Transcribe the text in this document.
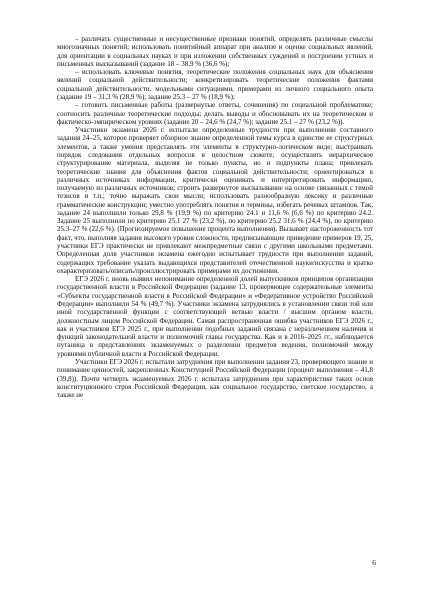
– различать существенные и несущественные признаки понятий, определять различные смыслы многозначных понятий; использовать понятийный аппарат при анализе и оценке социальных явлений, для ориентации в социальных науках и при изложении собственных суждений и построении устных и письменных высказываний (задание 18 – 38,9 % (36,6 %);

– использовать ключевые понятия, теоретические положения социальных наук для объяснения явлений социальной действительности; конкретизировать теоретические положения фактами социальной действительности, модельными ситуациями, примерами из личного социального опыта (задание 19 – 31,3 % (28,9 %); задание 25.3 – 27 % (18,9 %);

– готовить письменные работы (развернутые ответы, сочинения) по социальной проблематике; соотносить различные теоретические подходы; делать выводы и обосновывать их на теоретическом и фактическо-эмпирическом уровнях (задание 20 – 24,6 % (24,7 %); задание 25.1 – 27 % (23,2 %)).

Участники экзамена 2026 г. испытали определенные трудности при выполнении составного задания 24–25, которое проверяет обзорное знание определенной темы курса в единстве ее структурных элементов, а также умения представлять эти элементы в структурно-логическом виде; выстраивать порядок следования отдельных вопросов в целостном сюжете; осуществлять иерархическое структурирование материала, выделяя не только пункты, но и подпункты плана; привлекать теоретические знания для объяснения фактов социальной действительности; ориентироваться в различных источниках информации, критически оценивать и интерпретировать информацию, получаемую из различных источников; строить развернутое высказывание на основе связанных с темой тезисов и т.п.; точно выражать свои мысли; использовать разнообразную лексику и различные грамматические конструкции; уместно употреблять понятия и термины, избегать речевых штампов. Так, задание 24 выполнили только 29,8 % (19,9 %) по критерию 24.1 и 11,6 % (6,6 %) по критерию 24.2. Задание 25 выполнили по критерию 25.1 27 % (23,2 %), по критерию 25.2 31,6 % (24,4 %), по критерию 25.3–27 % (22,6 %). (Прогнозируемое повышение процента выполнения). Вызывает настороженность тот факт, что, выполняя задания высокого уровня сложности, предписывающие приведение примеров 19, 25, участники ЕГЭ практически не привлекают межпредметные связи с другими школьными предметами. Определенная доля участников экзамена ежегодно испытывает трудности при выполнении заданий, содержащих требование указать выдающихся представителей отечественной науки/искусства и кратко охарактеризовать/описать/проиллюстрировать примерами их достижения.

ЕГЭ 2026 г. вновь выявил непонимание определенной долей выпускников принципов организации государственной власти в Российской Федерации (задание 13, проверяющее содержательные элементы «Субъекты государственной власти в Российской Федерации» и «Федеративное устройство Российской Федерации» выполнили 54 % (49,7 %). Участники экзамена затруднялись в установлении связи той или иной государственной функции с соответствующей ветвью власти / высшим органом власти, должностным лицом Российской Федерации. Самая распространенная ошибка участников ЕГЭ 2026 г., как и участников ЕГЭ 2025 г., при выполнении подобных заданий связана с неразличением наличия и функций законодательной власти и полномочий главы государства. Как и в 2016–2025 гг., наблюдается путаница в представлениях экзаменуемых о разделении предметов ведения, полномочий между уровнями публичной власти в Российской Федерации.

Участники ЕГЭ 2026 г. испытали затруднения при выполнении задания 23, проверяющего знание и понимание ценностей, закрепленных Конституцией Российской Федерации (процент выполнения – 41,8 (39,8)). Почти четверть экзаменуемых 2026 г. испытала затруднения при характеристике таких основ конституционного строя Российской Федерации, как социальное государство, светское государство, а также не

6
